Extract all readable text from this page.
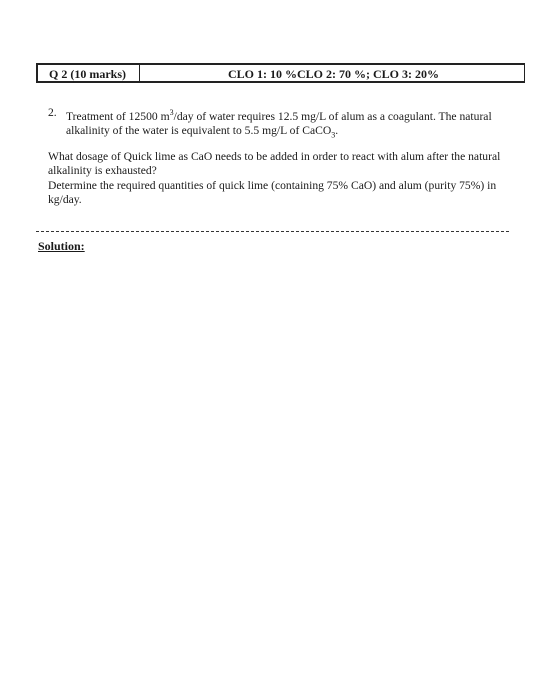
Q 2 (10 marks)	CLO 1: 10 %CLO 2: 70 %; CLO 3: 20%
2. Treatment of 12500 $m^3$/day of water requires 12.5 mg/L of alum as a coagulant. The natural alkalinity of the water is equivalent to 5.5 mg/L of CaCO$_3$.
What dosage of Quick lime as CaO needs to be added in order to react with alum after the natural alkalinity is exhausted?
Determine the required quantities of quick lime (containing 75% CaO) and alum (purity 75%) in kg/day.
Solution:
